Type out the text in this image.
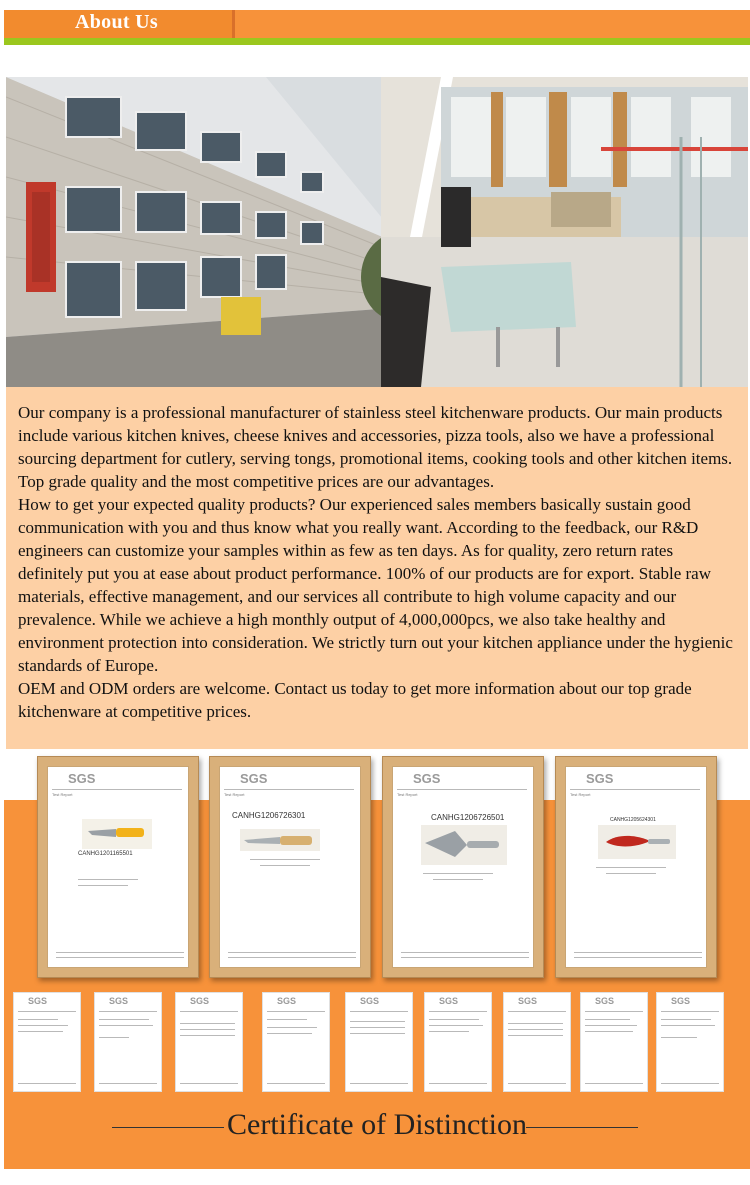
About Us

Our company is a professional manufacturer of stainless steel kitchenware products. Our main products include various kitchen knives, cheese knives and accessories, pizza tools, also we have a professional sourcing department for cutlery, serving tongs, promotional items, cooking tools and other kitchen items. Top grade quality and the most competitive prices are our advantages.

How to get your expected quality products? Our experienced sales members basically sustain good communication with you and thus know what you really want. According to the feedback, our R&D engineers can customize your samples within as few as ten days. As for quality, zero return rates definitely put you at ease about product performance. 100% of our products are for export. Stable raw materials, effective management, and our services all contribute to high volume capacity and our prevalence. While we achieve a high monthly output of 4,000,000pcs, we also take healthy and environment protection into consideration. We strictly turn out your kitchen appliance under the hygienic standards of Europe.

OEM and ODM orders are welcome. Contact us today to get more information about our top grade kitchenware at competitive prices.

SGS
Test Report
CANHG1201165501
SGS
Test Report
CANHG1206726301
SGS
Test Report
CANHG1206726501
SGS
Test Report
CANHG1205624301
SGS	SGS	SGS	SGS	SGS	SGS	SGS	SGS	SGS
Certificate of Distinction
